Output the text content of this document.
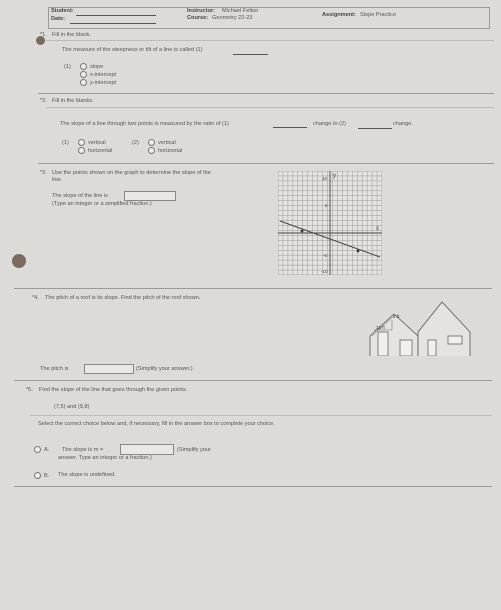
Student:
Date:
Instructor: Michael Felton
Course: Geometry 22-23	Assignment: Slope Practice
*1. Fill in the blank.
The measure of the steepness or tilt of a line is called (1)
(1)	slope
x-intercept
y-intercept
*2. Fill in the blanks.
The slope of a line through two points is measured by the ratio of (1)	change to (2)	change.
(1)	vertical
horizontal
(2)	vertical
horizontal
*3. Use the points shown on the graph to determine the slope of the
line.
The slope of the line is
(Type an integer or a simplified fraction.)
y
x
10
5
-5
-10
*4. The pitch of a roof is its slope. Find the pitch of the roof shown.
3 ft
12 ft
The pitch is	(Simplify your answer.)
*5. Find the slope of the line that goes through the given points.
(7,5) and (9,8)
Select the correct choice below and, if necessary, fill in the answer box to complete your choice.
A. The slope is m =	(Simplify your
answer. Type an integer or a fraction.)
B. The slope is undefined.
